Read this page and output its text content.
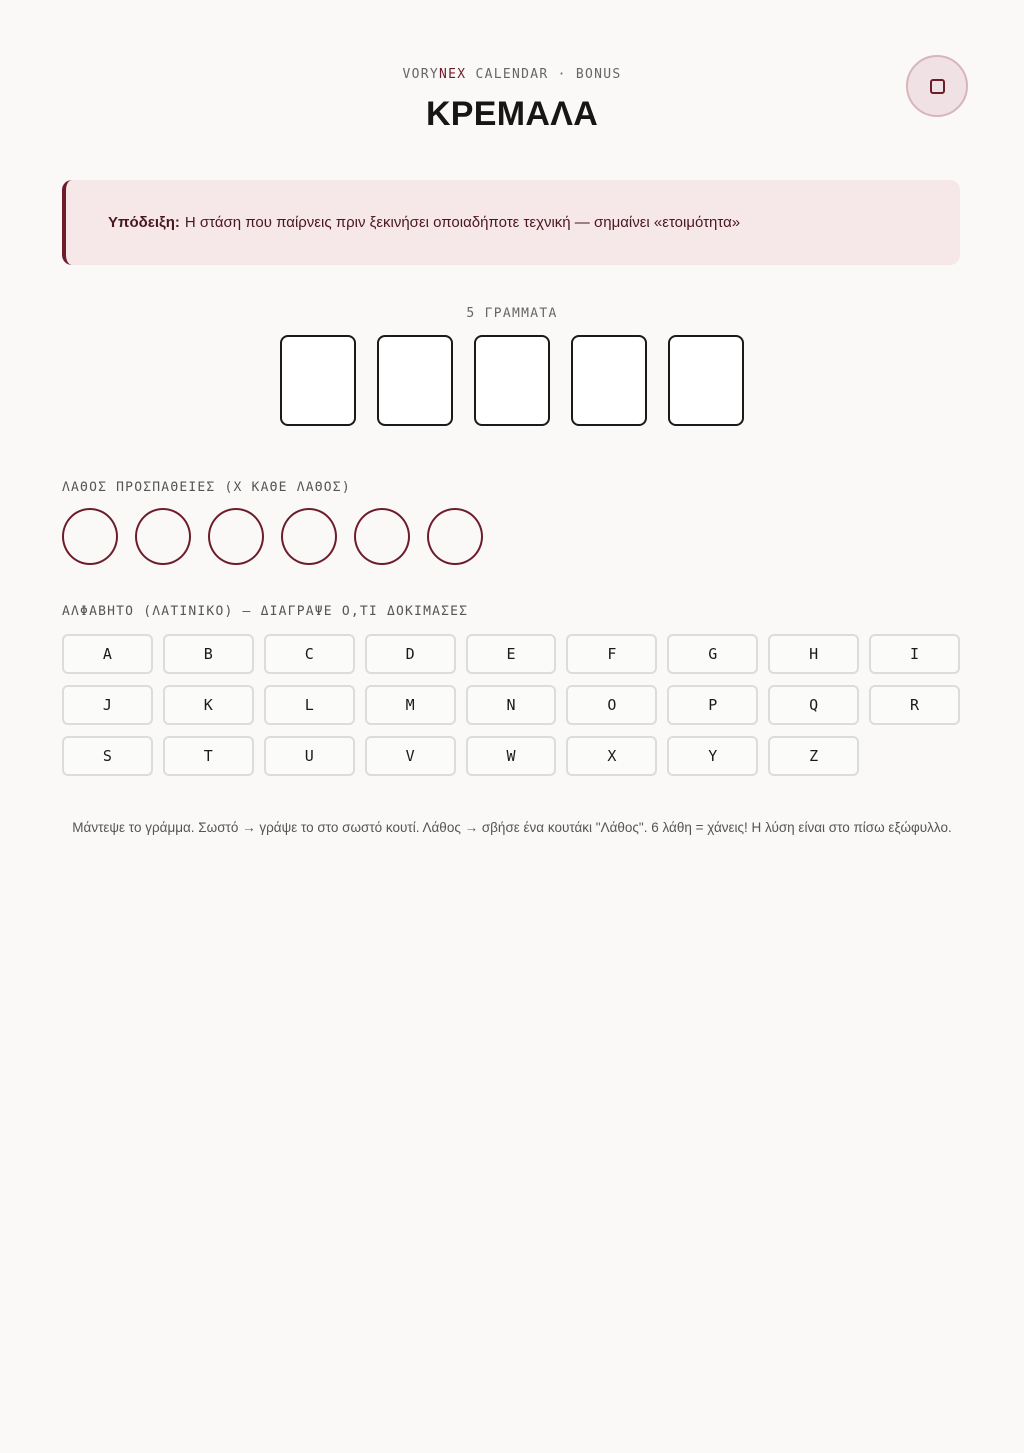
VORYNEX CALENDAR · BONUS
ΚΡΕΜΑΛΑ
Υπόδειξη: Η στάση που παίρνεις πριν ξεκινήσει οποιαδήποτε τεχνική — σημαίνει «ετοιμότητα»
5 ΓΡΑΜΜΑΤΑ
ΛΑΘΟΣ ΠΡΟΣΠΑΘΕΙΕΣ (Χ ΚΑΘΕ ΛΑΘΟΣ)
ΑΛΦΑΒΗΤΟ (ΛΑΤΙΝΙΚΟ) — ΔΙΑΓΡΑΨΕ Ο,ΤΙ ΔΟΚΙΜΑΣΕΣ
A	B	C	D	E	F	G	H	I
J	K	L	M	N	O	P	Q	R
S	T	U	V	W	X	Y	Z

Μάντεψε το γράμμα. Σωστό → γράψε το στο σωστό κουτί. Λάθος → σβήσε ένα κουτάκι "Λάθος". 6 λάθη = χάνεις! Η λύση είναι στο πίσω εξώφυλλο.
